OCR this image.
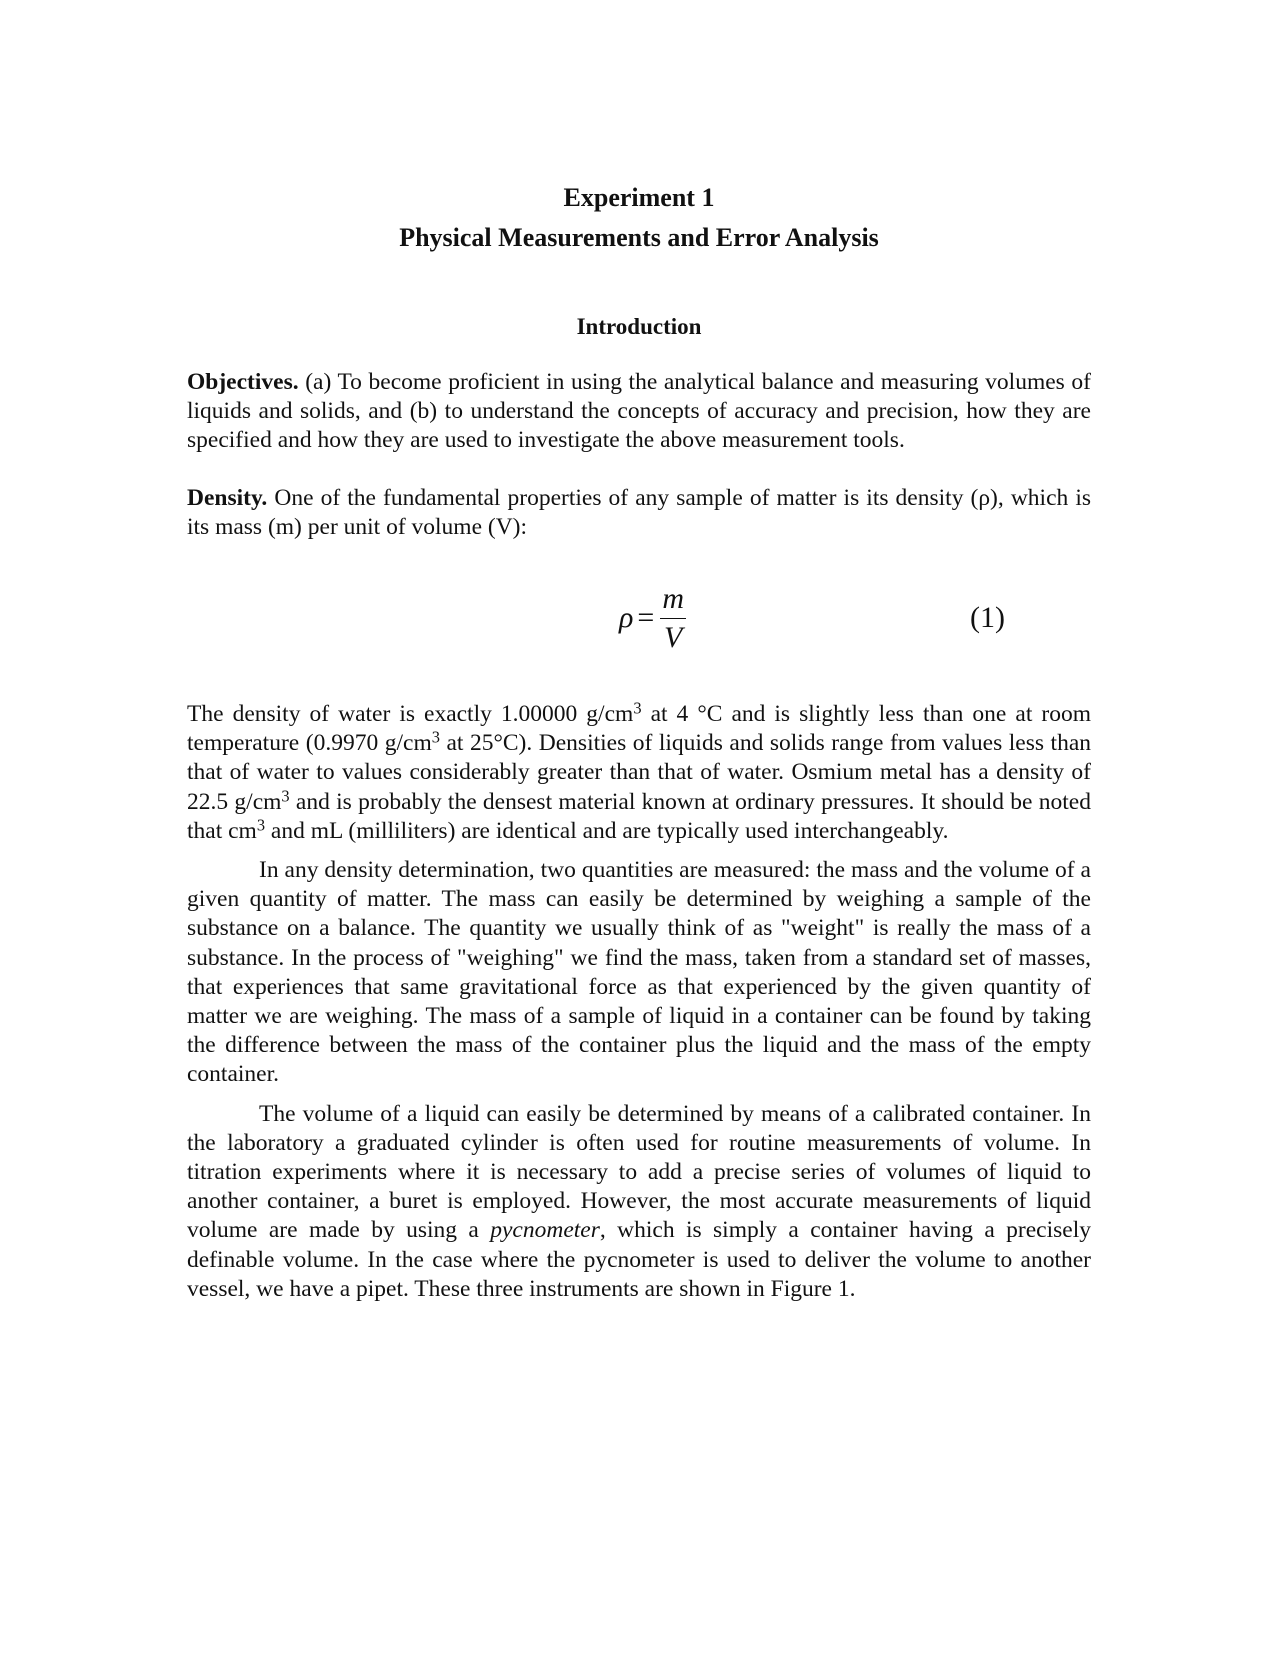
Experiment 1
Physical Measurements and Error Analysis
Introduction

Objectives. (a) To become proficient in using the analytical balance and measuring volumes of liquids and solids, and (b) to understand the concepts of accuracy and precision, how they are specified and how they are used to investigate the above measurement tools.

Density. One of the fundamental properties of any sample of matter is its density (ρ), which is its mass (m) per unit of volume (V):

$\rho = \frac{m}{V}$	(1)

The density of water is exactly 1.00000 $g/cm^3$ at 4 °C and is slightly less than one at room temperature (0.9970 $g/cm^3$ at 25°C). Densities of liquids and solids range from values less than that of water to values considerably greater than that of water. Osmium metal has a density of 22.5 $g/cm^3$ and is probably the densest material known at ordinary pressures. It should be noted that $cm^3$ and mL (milliliters) are identical and are typically used interchangeably.

In any density determination, two quantities are measured: the mass and the volume of a given quantity of matter. The mass can easily be determined by weighing a sample of the substance on a balance. The quantity we usually think of as "weight" is really the mass of a substance. In the process of "weighing" we find the mass, taken from a standard set of masses, that experiences that same gravitational force as that experienced by the given quantity of matter we are weighing. The mass of a sample of liquid in a container can be found by taking the difference between the mass of the container plus the liquid and the mass of the empty container.

The volume of a liquid can easily be determined by means of a calibrated container. In the laboratory a graduated cylinder is often used for routine measurements of volume. In titration experiments where it is necessary to add a precise series of volumes of liquid to another container, a buret is employed. However, the most accurate measurements of liquid volume are made by using a pycnometer, which is simply a container having a precisely definable volume. In the case where the pycnometer is used to deliver the volume to another vessel, we have a pipet. These three instruments are shown in Figure 1.
